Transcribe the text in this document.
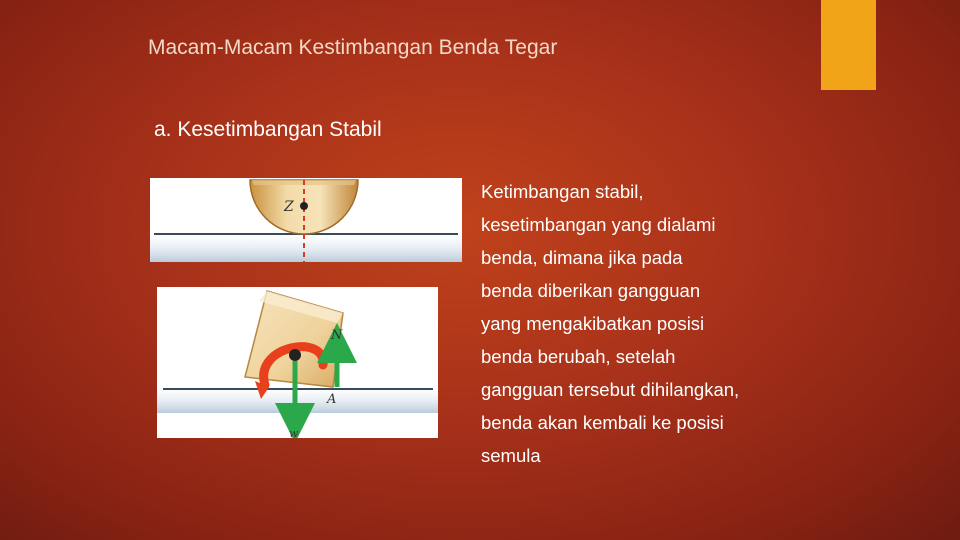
Macam-Macam Kestimbangan Benda Tegar
a. Kesetimbangan Stabil
Z
N
A
w
Ketimbangan stabil,
kesetimbangan yang dialami
benda, dimana jika pada
benda diberikan gangguan
yang mengakibatkan posisi
benda berubah, setelah
gangguan tersebut dihilangkan,
benda akan kembali ke posisi
semula
